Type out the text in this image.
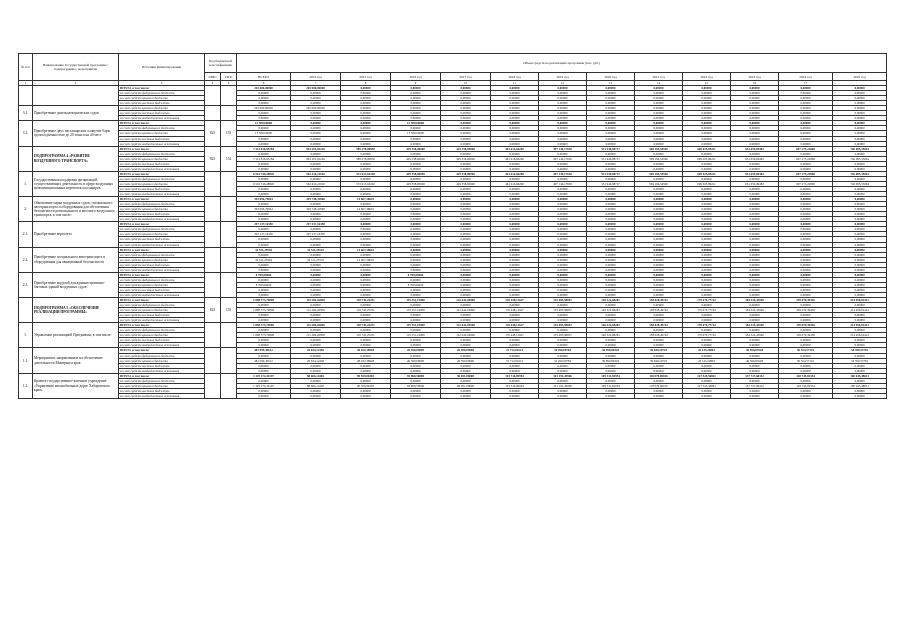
№ п/п	Наименование Государственной программы / подпрограммы / мероприятия	Источник финансирования	Код бюджетной классификации		Объем средств на реализацию программы (тыс. руб.)												
			ГРБС	ПСР	ВСЕГО	2014 год	2015 год	2016 год	2017 год	2018 год	2019 год	2020 год	2021 год	2022 год	2023 год	2024 год	2025 год
1	2	3	4	5	6	7	8	9	10	11	12	13	14	15	16	17	
		ВСЕГО, в том числе:			265 000,00000	265 000,00000	0,00000	0,00000	0,00000	0,00000	0,00000	0,00000	0,00000	0,00000	0,00000	0,00000	0,00000
		за счет средств федерального бюджета			0,00000	0,00000	0,00000	0,00000	0,00000	0,00000	0,00000	0,00000	0,00000	0,00000	0,00000	0,00000	0,00000
		за счет средств краевого бюджета			0,00000	0,00000	0,00000	0,00000	0,00000	0,00000	0,00000	0,00000	0,00000	0,00000	0,00000	0,00000	0,00000
		за счет средств местных бюджетов			0,00000	0,00000	0,00000	0,00000	0,00000	0,00000	0,00000	0,00000	0,00000	0,00000	0,00000	0,00000	0,00000
3.1.	Приобретение дизельэлектрических судов	за счет средств краевого бюджета			265 000,00000	265 000,00000	0,00000	0,00000	0,00000	0,00000	0,00000	0,00000	0,00000	0,00000	0,00000	0,00000	0,00000
		за счет средств местных бюджетов			0,00000	0,00000	0,00000	0,00000	0,00000	0,00000	0,00000	0,00000	0,00000	0,00000	0,00000	0,00000	0,00000
		за счет средств внебюджетных источников			0,00000	0,00000	0,00000	0,00000	0,00000	0,00000	0,00000	0,00000	0,00000	0,00000	0,00000	0,00000	0,00000
3.2.	Приобретение двух пассажирских плавучих барж грузоподъемностью до 20 тонн и на 40 мест	ВСЕГО, в том числе:	823	153	13 500,00000	0,00000	0,00000	13 500,00000	0,00000	0,00000	0,00000	0,00000	0,00000	0,00000	0,00000	0,00000	0,00000
		за счет средств федерального бюджета			0,00000	0,00000	0,00000	0,00000	0,00000	0,00000	0,00000	0,00000	0,00000	0,00000	0,00000	0,00000	0,00000
		за счет средств краевого бюджета			13 500,00000	0,00000	0,00000	13 500,00000	0,00000	0,00000	0,00000	0,00000	0,00000	0,00000	0,00000	0,00000	0,00000
		за счет средств местных бюджетов			0,00000	0,00000	0,00000	0,00000	0,00000	0,00000	0,00000	0,00000	0,00000	0,00000	0,00000	0,00000	0,00000
		за счет средств внебюджетных источников			0,00000	0,00000	0,00000	0,00000	0,00000	0,00000	0,00000	0,00000	0,00000	0,00000	0,00000	0,00000	0,00000
	ПОДПРОГРАММА 4 «РАЗВИТИЕ ВОЗДУШНОГО ТРАНСПОРТА»	ВСЕГО, в том числе:	823	154	7 314 816,95184	993 201,65220	589 278,00850	429 358,00000	429 358,00000	461 616,66200	497 140,17630	531 940,68717	569 184,54590	609 025,89211	651 659,09483	697 275,22868	746 085,35064
		за счет средств федерального бюджета			0,00000	0,00000	0,00000	0,00000	0,00000	0,00000	0,00000	0,00000	0,00000	0,00000	0,00000	0,00000	0,00000
		за счет средств краевого бюджета			7 314 816,95184	993 201,65220	589 278,00850	429 358,00000	429 358,00000	461 616,66200	497 140,17630	531 940,68717	569 184,54590	609 025,89211	651 659,09483	697 275,22868	746 085,35064
		за счет средств местных бюджетов			0,00000	0,00000	0,00000	0,00000	0,00000	0,00000	0,00000	0,00000	0,00000	0,00000	0,00000	0,00000	0,00000
		за счет средств внебюджетных источников			0,00000	0,00000	0,00000	0,00000	0,00000	0,00000	0,00000	0,00000	0,00000	0,00000	0,00000	0,00000	0,00000
1.	Государственная поддержка организаций, осуществляющих деятельность в сфере воздушных межмуниципальных перевозок пассажиров	ВСЕГО, в том числе:			6 561 746,28820	562 410,21010	572 613,62240	429 358,00000	429 358,00000	461 616,66200	497 140,17630	531 940,68717	569 184,54590	609 025,89211	651 659,09483	697 275,22868	746 085,35064
		за счет средств федерального бюджета			0,00000	0,00000	0,00000	0,00000	0,00000	0,00000	0,00000	0,00000	0,00000	0,00000	0,00000	0,00000	0,00000
		за счет средств краевого бюджета			6 561 746,28820	562 410,21010	572 613,62240	429 358,00000	429 358,00000	461 616,66200	497 140,17630	531 940,68717	569 184,54590	609 025,89211	651 659,09483	697 275,22868	746 085,35064
		за счет средств местных бюджетов			0,00000	0,00000	0,00000	0,00000	0,00000	0,00000	0,00000	0,00000	0,00000	0,00000	0,00000	0,00000	0,00000
		за счет средств внебюджетных источников			0,00000	0,00000	0,00000	0,00000	0,00000	0,00000	0,00000	0,00000	0,00000	0,00000	0,00000	0,00000	0,00000
2.	Обновление парка воздушных судов, специального автотранспорта и оборудования для обеспечения безопасности регионального и местного воздушного транспорта, в том числе:	ВСЕГО, в том числе:			393 096,79844	329 748,41860	14 667,38610	0,00000	0,00000	0,00000	0,00000	0,00000	0,00000	0,00000	0,00000	0,00000	0,00000
		за счет средств федерального бюджета			0,00000	0,00000	0,00000	0,00000	0,00000	0,00000	0,00000	0,00000	0,00000	0,00000	0,00000	0,00000	0,00000
		за счет средств краевого бюджета			393 096,79844	329 748,41860	14 667,38610	0,00000	0,00000	0,00000	0,00000	0,00000	0,00000	0,00000	0,00000	0,00000	0,00000
		за счет средств местных бюджетов			0,00000	0,00000	0,00000	0,00000	0,00000	0,00000	0,00000	0,00000	0,00000	0,00000	0,00000	0,00000	0,00000
		за счет средств внебюджетных источников			0,00000	0,00000	0,00000	0,00000	0,00000	0,00000	0,00000	0,00000	0,00000	0,00000	0,00000	0,00000	0,00000
2.1.	Приобретение вертолета	ВСЕГО, в том числе:			297 237,16350	297 237,16350	0,00000	0,00000	0,00000	0,00000	0,00000	0,00000	0,00000	0,00000	0,00000	0,00000	0,00000
		за счет средств федерального бюджета			0,00000	0,00000	0,00000	0,00000	0,00000	0,00000	0,00000	0,00000	0,00000	0,00000	0,00000	0,00000	0,00000
		за счет средств краевого бюджета			297 237,16350	297 237,16350	0,00000	0,00000	0,00000	0,00000	0,00000	0,00000	0,00000	0,00000	0,00000	0,00000	0,00000
		за счет средств местных бюджетов			0,00000	0,00000	0,00000	0,00000	0,00000	0,00000	0,00000	0,00000	0,00000	0,00000	0,00000	0,00000	0,00000
		за счет средств внебюджетных источников			0,00000	0,00000	0,00000	0,00000	0,00000	0,00000	0,00000	0,00000	0,00000	0,00000	0,00000	0,00000	0,00000
2.2.	Приобретение специального автотранспорта и оборудования для авиационной безопасности	ВСЕГО, в том числе:			32 511,25994	32 511,25510	14 667,38610	0,00000	0,00000	0,00000	0,00000	0,00000	0,00000	0,00000	0,00000	0,00000	0,00000
		за счет средств федерального бюджета			0,00000	0,00000	0,00000	0,00000	0,00000	0,00000	0,00000	0,00000	0,00000	0,00000	0,00000	0,00000	0,00000
		за счет средств краевого бюджета			32 511,25994	32 511,25510	14 667,38610	0,00000	0,00000	0,00000	0,00000	0,00000	0,00000	0,00000	0,00000	0,00000	0,00000
		за счет средств местных бюджетов			0,00000	0,00000	0,00000	0,00000	0,00000	0,00000	0,00000	0,00000	0,00000	0,00000	0,00000	0,00000	0,00000
		за счет средств внебюджетных источников			0,00000	0,00000	0,00000	0,00000	0,00000	0,00000	0,00000	0,00000	0,00000	0,00000	0,00000	0,00000	0,00000
2.3.	Приобретение модулей для административно-бытовых зданий воздушных судов	ВСЕГО, в том числе:			8 700,00000	0,00000	0,00000	8 700,00000	0,00000	0,00000	0,00000	0,00000	0,00000	0,00000	0,00000	0,00000	0,00000
		за счет средств федерального бюджета			0,00000	0,00000	0,00000	0,00000	0,00000	0,00000	0,00000	0,00000	0,00000	0,00000	0,00000	0,00000	0,00000
		за счет средств краевого бюджета			8 700,00000	0,00000	0,00000	8 700,00000	0,00000	0,00000	0,00000	0,00000	0,00000	0,00000	0,00000	0,00000	0,00000
		за счет средств местных бюджетов			0,00000	0,00000	0,00000	0,00000	0,00000	0,00000	0,00000	0,00000	0,00000	0,00000	0,00000	0,00000	0,00000
		за счет средств внебюджетных источников			0,00000	0,00000	0,00000	0,00000	0,00000	0,00000	0,00000	0,00000	0,00000	0,00000	0,00000	0,00000	0,00000
	ПОДПРОГРАММА 5 «ОБЕСПЕЧЕНИЕ РЕАЛИЗАЦИИ ПРОГРАММЫ»	ВСЕГО, в том числе:	823	155	1 898 373,79809	115 269,26858	118 745,25231	119 351,19000	122 642,04900	135 448,11627	135 483,96857	146 322,68281	158 028,49742	170 670,77722	184 324,43940	199 070,39456	214 996,02412
		за счет средств федерального бюджета			0,00000	0,00000	0,00000	0,00000	0,00000	0,00000	0,00000	0,00000	0,00000	0,00000	0,00000	0,00000	0,00000
		за счет средств краевого бюджета			1 898 373,79809	115 269,26858	118 745,25231	119 351,19000	122 642,04900	135 448,11627	135 483,96857	146 322,68281	158 028,49742	170 670,77722	184 324,43940	199 070,39456	214 996,02412
		за счет средств местных бюджетов			0,00000	0,00000	0,00000	0,00000	0,00000	0,00000	0,00000	0,00000	0,00000	0,00000	0,00000	0,00000	0,00000
		за счет средств внебюджетных источников			0,00000	0,00000	0,00000	0,00000	0,00000	0,00000	0,00000	0,00000	0,00000	0,00000	0,00000	0,00000	0,00000
1.	Управление реализацией Программы, в том числе:	ВСЕГО, в том числе:			1 898 373,79809	115 269,26858	118 745,25231	119 351,19000	122 642,04900	135 448,11627	135 483,96857	146 322,68281	158 028,49742	170 670,77722	184 324,43940	199 070,39456	214 996,02412
		за счет средств федерального бюджета			0,00000	0,00000	0,00000	0,00000	0,00000	0,00000	0,00000	0,00000	0,00000	0,00000	0,00000	0,00000	0,00000
		за счет средств краевого бюджета			1 898 373,79809	115 269,26858	118 745,25231	119 351,19000	122 642,04900	135 448,11627	135 483,96857	146 322,68281	158 028,49742	170 670,77722	184 324,43940	199 070,39456	214 996,02412
		за счет средств местных бюджетов			0,00000	0,00000	0,00000	0,00000	0,00000	0,00000	0,00000	0,00000	0,00000	0,00000	0,00000	0,00000	0,00000
		за счет средств внебюджетных источников			0,00000	0,00000	0,00000	0,00000	0,00000	0,00000	0,00000	0,00000	0,00000	0,00000	0,00000	0,00000	0,00000
1.1.	Мероприятия, направленные на обеспечение деятельности Минтранса края	ВСЕГО, в том числе:			481 099,45612	26 634,12456	28 182,38928	26 390,69000	26 390,69000	31 712,01621	34 290,00784	36 990,86329	39 949,20725	43 145,20861	46 596,83528	50 324,57122	54 350,53781
		за счет средств федерального бюджета			0,00000	0,00000	0,00000	0,00000	0,00000	0,00000	0,00000	0,00000	0,00000	0,00000	0,00000	0,00000	0,00000
		за счет средств краевого бюджета			481 099,45612	26 634,12456	28 182,38928	26 390,69000	26 390,69000	31 712,01621	34 290,00784	36 990,86329	39 949,20725	43 145,20861	46 596,83528	50 324,57122	54 350,53781
		за счет средств местных бюджетов			0,00000	0,00000	0,00000	0,00000	0,00000	0,00000	0,00000	0,00000	0,00000	0,00000	0,00000	0,00000	0,00000
		за счет средств внебюджетных источников			0,00000	0,00000	0,00000	0,00000	0,00000	0,00000	0,00000	0,00000	0,00000	0,00000	0,00000	0,00000	0,00000
1.2.	Краевое государственное казенное учреждение «Управление автомобильных дорог Хабаровского края»	ВСЕГО, в том числе:			1 329 274,34197	88 606,14402	90 559,86303	92 960,50000	96 051,00000	103 736,09994	101 192,45906	109 331,81954	118 079,00016	127 525,56861	137 727,60412	148 745,82334	160 645,48631
		за счет средств федерального бюджета			0,00000	0,00000	0,00000	0,00000	0,00000	0,00000	0,00000	0,00000	0,00000	0,00000	0,00000	0,00000	0,00000
		за счет средств краевого бюджета			1 329 274,34197	88 606,14402	90 559,86303	92 960,50000	96 051,00000	103 736,09994	101 192,45906	109 331,81954	118 079,00016	127 525,56861	137 727,60412	148 745,82334	160 645,48631
		за счет средств местных бюджетов			0,00000	0,00000	0,00000	0,00000	0,00000	0,00000	0,00000	0,00000	0,00000	0,00000	0,00000	0,00000	0,00000
		за счет средств внебюджетных источников			0,00000	0,00000	0,00000	0,00000	0,00000	0,00000	0,00000	0,00000	0,00000	0,00000	0,00000	0,00000	0,00000
